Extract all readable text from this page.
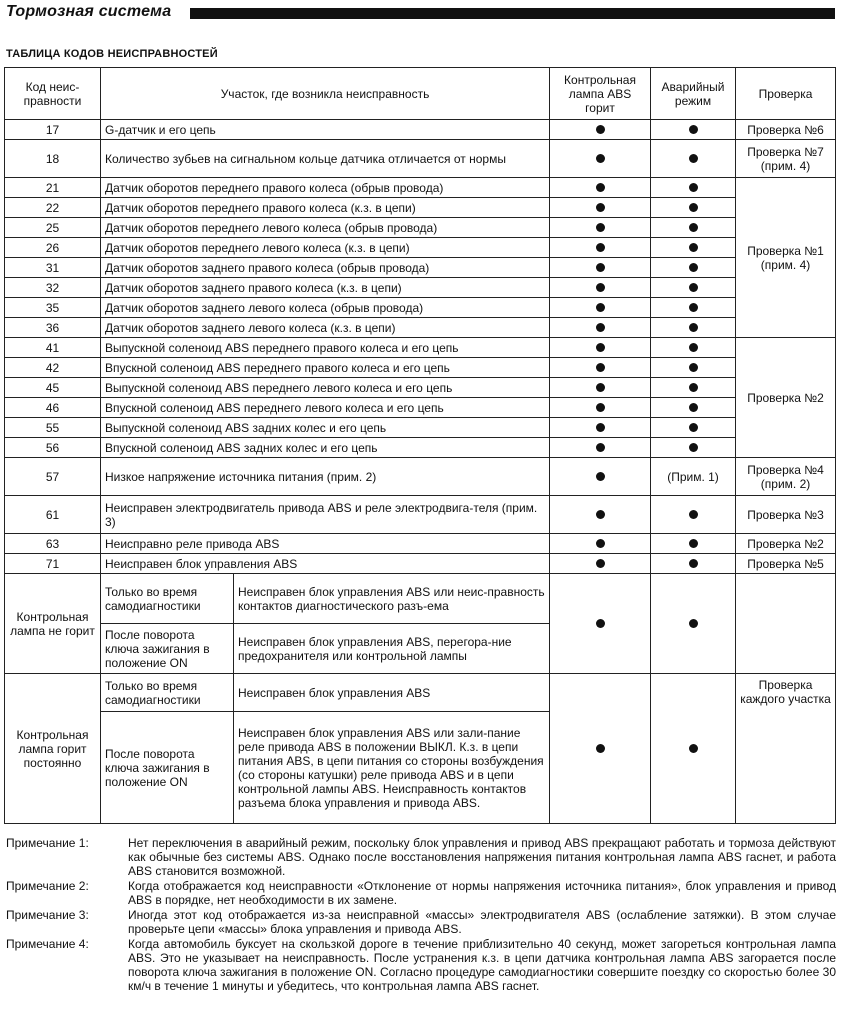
Тормозная система
ТАБЛИЦА КОДОВ НЕИСПРАВНОСТЕЙ
Код неис-правности	Участок, где возникла неисправность		Контрольная лампа ABS горит	Аварийный режим	Проверка
17	G-датчик и его цепь				Проверка №6
18	Количество зубьев на сигнальном кольце датчика отличается от нормы				Проверка №7 (прим. 4)
21	Датчик оборотов переднего правого колеса (обрыв провода)				Проверка №1 (прим. 4)
22	Датчик оборотов переднего правого колеса (к.з. в цепи)				
25	Датчик оборотов переднего левого колеса (обрыв провода)				
26	Датчик оборотов переднего левого колеса (к.з. в цепи)				
31	Датчик оборотов заднего правого колеса (обрыв провода)				
32	Датчик оборотов заднего правого колеса (к.з. в цепи)				
35	Датчик оборотов заднего левого колеса (обрыв провода)				
36	Датчик оборотов заднего левого колеса (к.з. в цепи)				
41	Выпускной соленоид ABS переднего правого колеса и его цепь				Проверка №2
42	Впускной соленоид ABS переднего правого колеса и его цепь				
45	Выпускной соленоид ABS переднего левого колеса и его цепь				
46	Впускной соленоид ABS переднего левого колеса и его цепь				
55	Выпускной соленоид ABS задних колес и его цепь				
56	Впускной соленоид ABS задних колес и его цепь				
57	Низкое напряжение источника питания (прим. 2)			(Прим. 1)	Проверка №4 (прим. 2)
61	Неисправен электродвигатель привода ABS и реле электродвига-теля (прим. 3)				Проверка №3
63	Неисправно реле привода ABS				Проверка №2
71	Неисправен блок управления ABS				Проверка №5
Контрольная лампа не горит	Только во время самодиагностики	Неисправен блок управления ABS или неис-правность контактов диагностического разъ-ема			
	После поворота ключа зажигания в положение ON	Неисправен блок управления ABS, перегора-ние предохранителя или контрольной лампы			
Контрольная лампа горит постоянно	Только во время самодиагностики	Неисправен блок управления ABS			Проверка каждого участка
	После поворота ключа зажигания в положение ON	Неисправен блок управления ABS или зали-пание реле привода ABS в положении ВЫКЛ. К.з. в цепи питания ABS, в цепи питания со стороны возбуждения (со стороны катушки) реле привода ABS и в цепи контрольной лампы ABS. Неисправность контактов разъема блока управления и привода ABS.			
Примечание 1:	Нет переключения в аварийный режим, поскольку блок управления и привод ABS прекращают работать и тормоза действуют как обычные без системы ABS. Однако после восстановления напряжения питания контрольная лампа ABS гаснет, и работа ABS становится возможной.
Примечание 2:	Когда отображается код неисправности «Отклонение от нормы напряжения источника питания», блок управления и привод ABS в порядке, нет необходимости в их замене.
Примечание 3:	Иногда этот код отображается из-за неисправной «массы» электродвигателя ABS (ослабление затяжки). В этом случае проверьте цепи «массы» блока управления и привода ABS.
Примечание 4:	Когда автомобиль буксует на скользкой дороге в течение приблизительно 40 секунд, может загореться контрольная лампа ABS. Это не указывает на неисправность. После устранения к.з. в цепи датчика контрольная лампа ABS загорается после поворота ключа зажигания в положение ON. Согласно процедуре самодиагностики совершите поездку со скоростью более 30 км/ч в течение 1 минуты и убедитесь, что контрольная лампа ABS гаснет.
